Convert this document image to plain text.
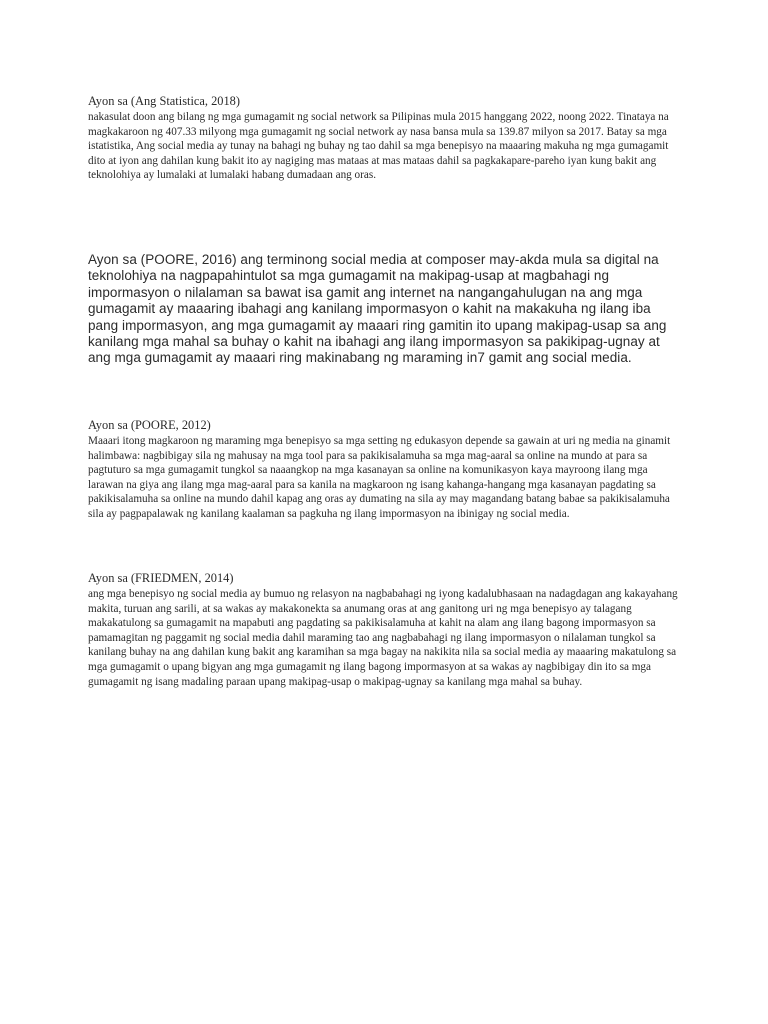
Ayon sa (Ang Statistica, 2018)

nakasulat doon ang bilang ng mga gumagamit ng social network sa Pilipinas mula 2015 hanggang 2022, noong 2022. Tinataya na magkakaroon ng 407.33 milyong mga gumagamit ng social network ay nasa bansa mula sa 139.87 milyon sa 2017. Batay sa mga istatistika, Ang social media ay tunay na bahagi ng buhay ng tao dahil sa mga benepisyo na maaaring makuha ng mga gumagamit dito at iyon ang dahilan kung bakit ito ay nagiging mas mataas at mas mataas dahil sa pagkakapare-pareho iyan kung bakit ang teknolohiya ay lumalaki at lumalaki habang dumadaan ang oras.

Ayon sa (POORE, 2016) ang terminong social media at composer may-akda mula sa digital na teknolohiya na nagpapahintulot sa mga gumagamit na makipag-usap at magbahagi ng impormasyon o nilalaman sa bawat isa gamit ang internet na nangangahulugan na ang mga gumagamit ay maaaring ibahagi ang kanilang impormasyon o kahit na makakuha ng ilang iba pang impormasyon, ang mga gumagamit ay maaari ring gamitin ito upang makipag-usap sa ang kanilang mga mahal sa buhay o kahit na ibahagi ang ilang impormasyon sa pakikipag-ugnay at ang mga gumagamit ay maaari ring makinabang ng maraming in7 gamit ang social media.

Ayon sa (POORE, 2012)

Maaari itong magkaroon ng maraming mga benepisyo sa mga setting ng edukasyon depende sa gawain at uri ng media na ginamit halimbawa: nagbibigay sila ng mahusay na mga tool para sa pakikisalamuha sa mga mag-aaral sa online na mundo at para sa pagtuturo sa mga gumagamit tungkol sa naaangkop na mga kasanayan sa online na komunikasyon kaya mayroong ilang mga larawan na giya ang ilang mga mag-aaral para sa kanila na magkaroon ng isang kahanga-hangang mga kasanayan pagdating sa pakikisalamuha sa online na mundo dahil kapag ang oras ay dumating na sila ay may magandang batang babae sa pakikisalamuha sila ay pagpapalawak ng kanilang kaalaman sa pagkuha ng ilang impormasyon na ibinigay ng social media.

Ayon sa (FRIEDMEN, 2014)

ang mga benepisyo ng social media ay bumuo ng relasyon na nagbabahagi ng iyong kadalubhasaan na nadagdagan ang kakayahang makita, turuan ang sarili, at sa wakas ay makakonekta sa anumang oras at ang ganitong uri ng mga benepisyo ay talagang makakatulong sa gumagamit na mapabuti ang pagdating sa pakikisalamuha at kahit na alam ang ilang bagong impormasyon sa pamamagitan ng paggamit ng social media dahil maraming tao ang nagbabahagi ng ilang impormasyon o nilalaman tungkol sa kanilang buhay na ang dahilan kung bakit ang karamihan sa mga bagay na nakikita nila sa social media ay maaaring makatulong sa mga gumagamit o upang bigyan ang mga gumagamit ng ilang bagong impormasyon at sa wakas ay nagbibigay din ito sa mga gumagamit ng isang madaling paraan upang makipag-usap o makipag-ugnay sa kanilang mga mahal sa buhay.
